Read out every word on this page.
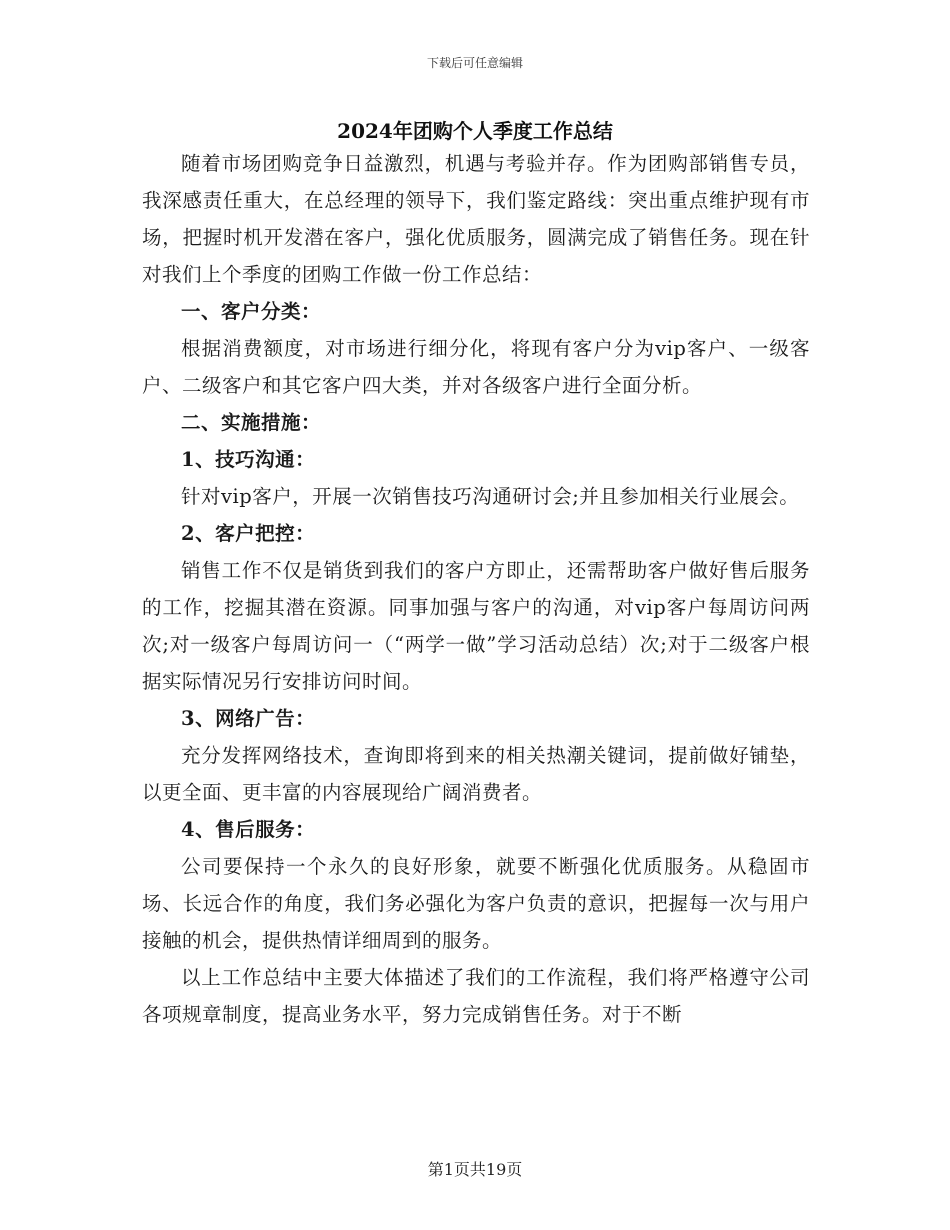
下载后可任意编辑
2024年团购个人季度工作总结

随着市场团购竞争日益激烈，机遇与考验并存。作为团购部销售专员，我深感责任重大，在总经理的领导下，我们鉴定路线：突出重点维护现有市场，把握时机开发潜在客户，强化优质服务，圆满完成了销售任务。现在针对我们上个季度的团购工作做一份工作总结：

一、客户分类：

根据消费额度，对市场进行细分化，将现有客户分为vip客户、一级客户、二级客户和其它客户四大类，并对各级客户进行全面分析。

二、实施措施：

1、技巧沟通：

针对vip客户，开展一次销售技巧沟通研讨会;并且参加相关行业展会。

2、客户把控：

销售工作不仅是销货到我们的客户方即止，还需帮助客户做好售后服务的工作，挖掘其潜在资源。同事加强与客户的沟通，对vip客户每周访问两次;对一级客户每周访问一（“两学一做”学习活动总结）次;对于二级客户根据实际情况另行安排访问时间。

3、网络广告：

充分发挥网络技术，查询即将到来的相关热潮关键词，提前做好铺垫，以更全面、更丰富的内容展现给广阔消费者。

4、售后服务：

公司要保持一个永久的良好形象，就要不断强化优质服务。从稳固市场、长远合作的角度，我们务必强化为客户负责的意识，把握每一次与用户接触的机会，提供热情详细周到的服务。

以上工作总结中主要大体描述了我们的工作流程，我们将严格遵守公司各项规章制度，提高业务水平，努力完成销售任务。对于不断

第1页共19页
